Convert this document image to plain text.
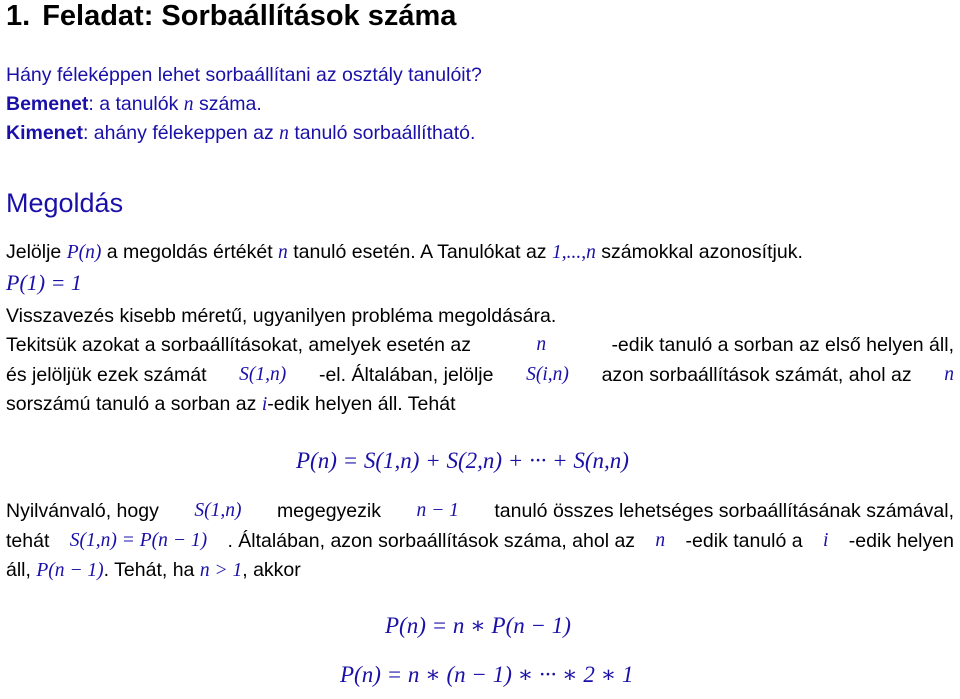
1. Feladat: Sorbaállítások száma
Hány féleképpen lehet sorbaállítani az osztály tanulóit?
Bemenet: a tanulók n száma.
Kimenet: ahány félekeppen az n tanuló sorbaállítható.
Megoldás
Jelölje P(n) a megoldás értékét n tanuló esetén. A Tanulókat az 1,...,n számokkal azonosítjuk.
P(1) = 1
Visszavezés kisebb méretű, ugyanilyen probléma megoldására.
Tekitsük azokat a sorbaállításokat, amelyek esetén az	n	-edik tanuló a sorban az első helyen áll,
és jelöljük ezek számát S(1,n) -el. Általában, jelölje S(i,n) azon sorbaállítások számát, ahol az n
sorszámú tanuló a sorban az i-edik helyen áll. Tehát
P(n) = S(1,n) + S(2,n) + ··· + S(n,n)
Nyilvánvaló, hogy S(1,n) megegyezik n − 1 tanuló összes lehetséges sorbaállításának számával,
tehát S(1,n) = P(n − 1) . Általában, azon sorbaállítások száma, ahol az n -edik tanuló a i -edik helyen
áll, P(n − 1). Tehát, ha n > 1, akkor
P(n) = n ∗ P(n − 1)
P(n) = n ∗ (n − 1) ∗ ··· ∗ 2 ∗ 1
